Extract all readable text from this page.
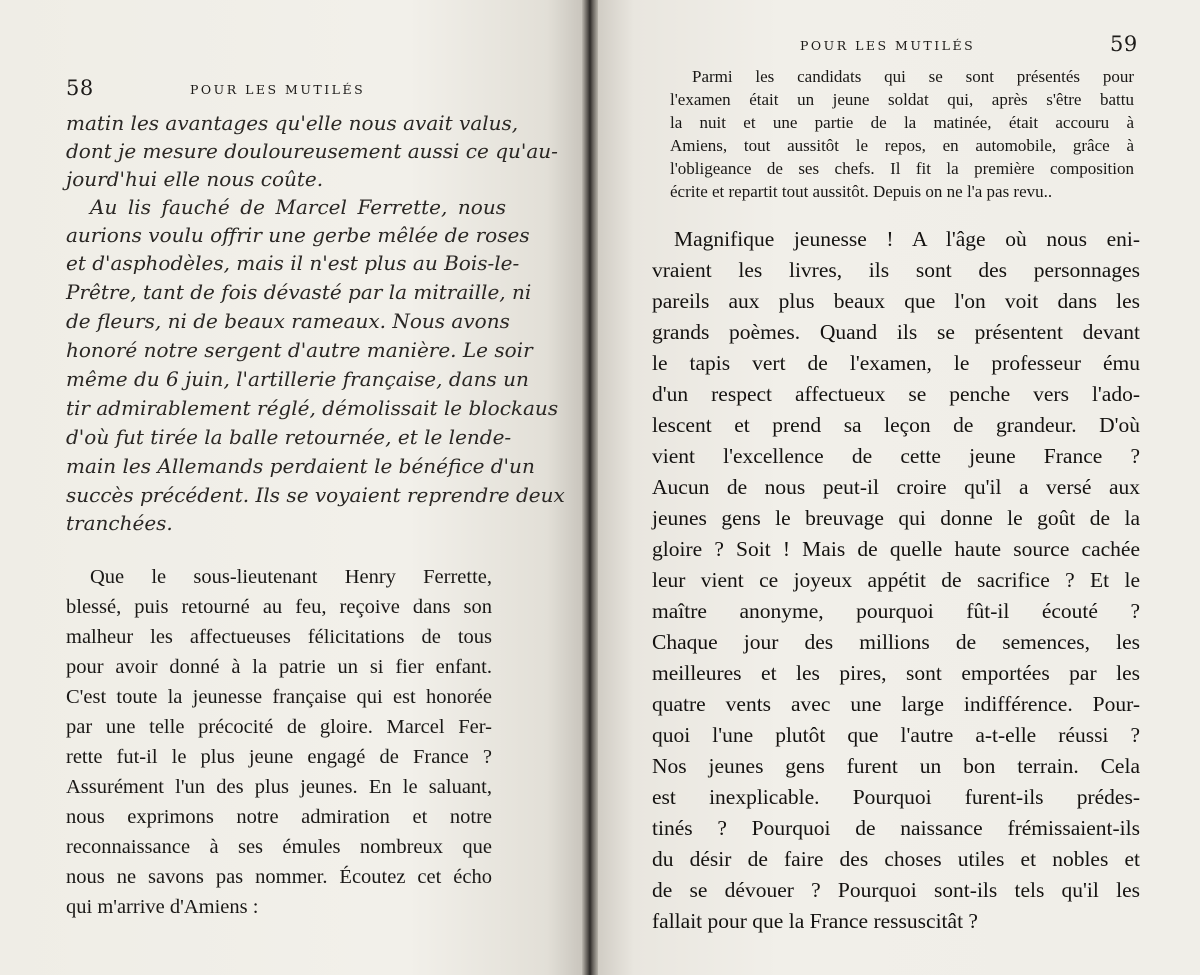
58	POUR LES MUTILÉS
matin les avantages qu'elle nous avait valus,
dont je mesure douloureusement aussi ce qu'au-
jourd'hui elle nous coûte.
Au lis fauché de Marcel Ferrette, nous
aurions voulu offrir une gerbe mêlée de roses
et d'asphodèles, mais il n'est plus au Bois-le-
Prêtre, tant de fois dévasté par la mitraille, ni
de fleurs, ni de beaux rameaux. Nous avons
honoré notre sergent d'autre manière. Le soir
même du 6 juin, l'artillerie française, dans un
tir admirablement réglé, démolissait le blockaus
d'où fut tirée la balle retournée, et le lende-
main les Allemands perdaient le bénéfice d'un
succès précédent. Ils se voyaient reprendre deux
tranchées.
Que le sous-lieutenant Henry Ferrette,
blessé, puis retourné au feu, reçoive dans son
malheur les affectueuses félicitations de tous
pour avoir donné à la patrie un si fier enfant.
C'est toute la jeunesse française qui est honorée
par une telle précocité de gloire. Marcel Fer-
rette fut-il le plus jeune engagé de France ?
Assurément l'un des plus jeunes. En le saluant,
nous exprimons notre admiration et notre
reconnaissance à ses émules nombreux que
nous ne savons pas nommer. Écoutez cet écho
qui m'arrive d'Amiens :
POUR LES MUTILÉS	59
Parmi les candidats qui se sont présentés pour
l'examen était un jeune soldat qui, après s'être battu
la nuit et une partie de la matinée, était accouru à
Amiens, tout aussitôt le repos, en automobile, grâce à
l'obligeance de ses chefs. Il fit la première composition
écrite et repartit tout aussitôt. Depuis on ne l'a pas revu..
Magnifique jeunesse ! A l'âge où nous eni-
vraient les livres, ils sont des personnages
pareils aux plus beaux que l'on voit dans les
grands poèmes. Quand ils se présentent devant
le tapis vert de l'examen, le professeur ému
d'un respect affectueux se penche vers l'ado-
lescent et prend sa leçon de grandeur. D'où
vient l'excellence de cette jeune France ?
Aucun de nous peut-il croire qu'il a versé aux
jeunes gens le breuvage qui donne le goût de la
gloire ? Soit ! Mais de quelle haute source cachée
leur vient ce joyeux appétit de sacrifice ? Et le
maître anonyme, pourquoi fût-il écouté ?
Chaque jour des millions de semences, les
meilleures et les pires, sont emportées par les
quatre vents avec une large indifférence. Pour-
quoi l'une plutôt que l'autre a-t-elle réussi ?
Nos jeunes gens furent un bon terrain. Cela
est inexplicable. Pourquoi furent-ils prédes-
tinés ? Pourquoi de naissance frémissaient-ils
du désir de faire des choses utiles et nobles et
de se dévouer ? Pourquoi sont-ils tels qu'il les
fallait pour que la France ressuscitât ?
